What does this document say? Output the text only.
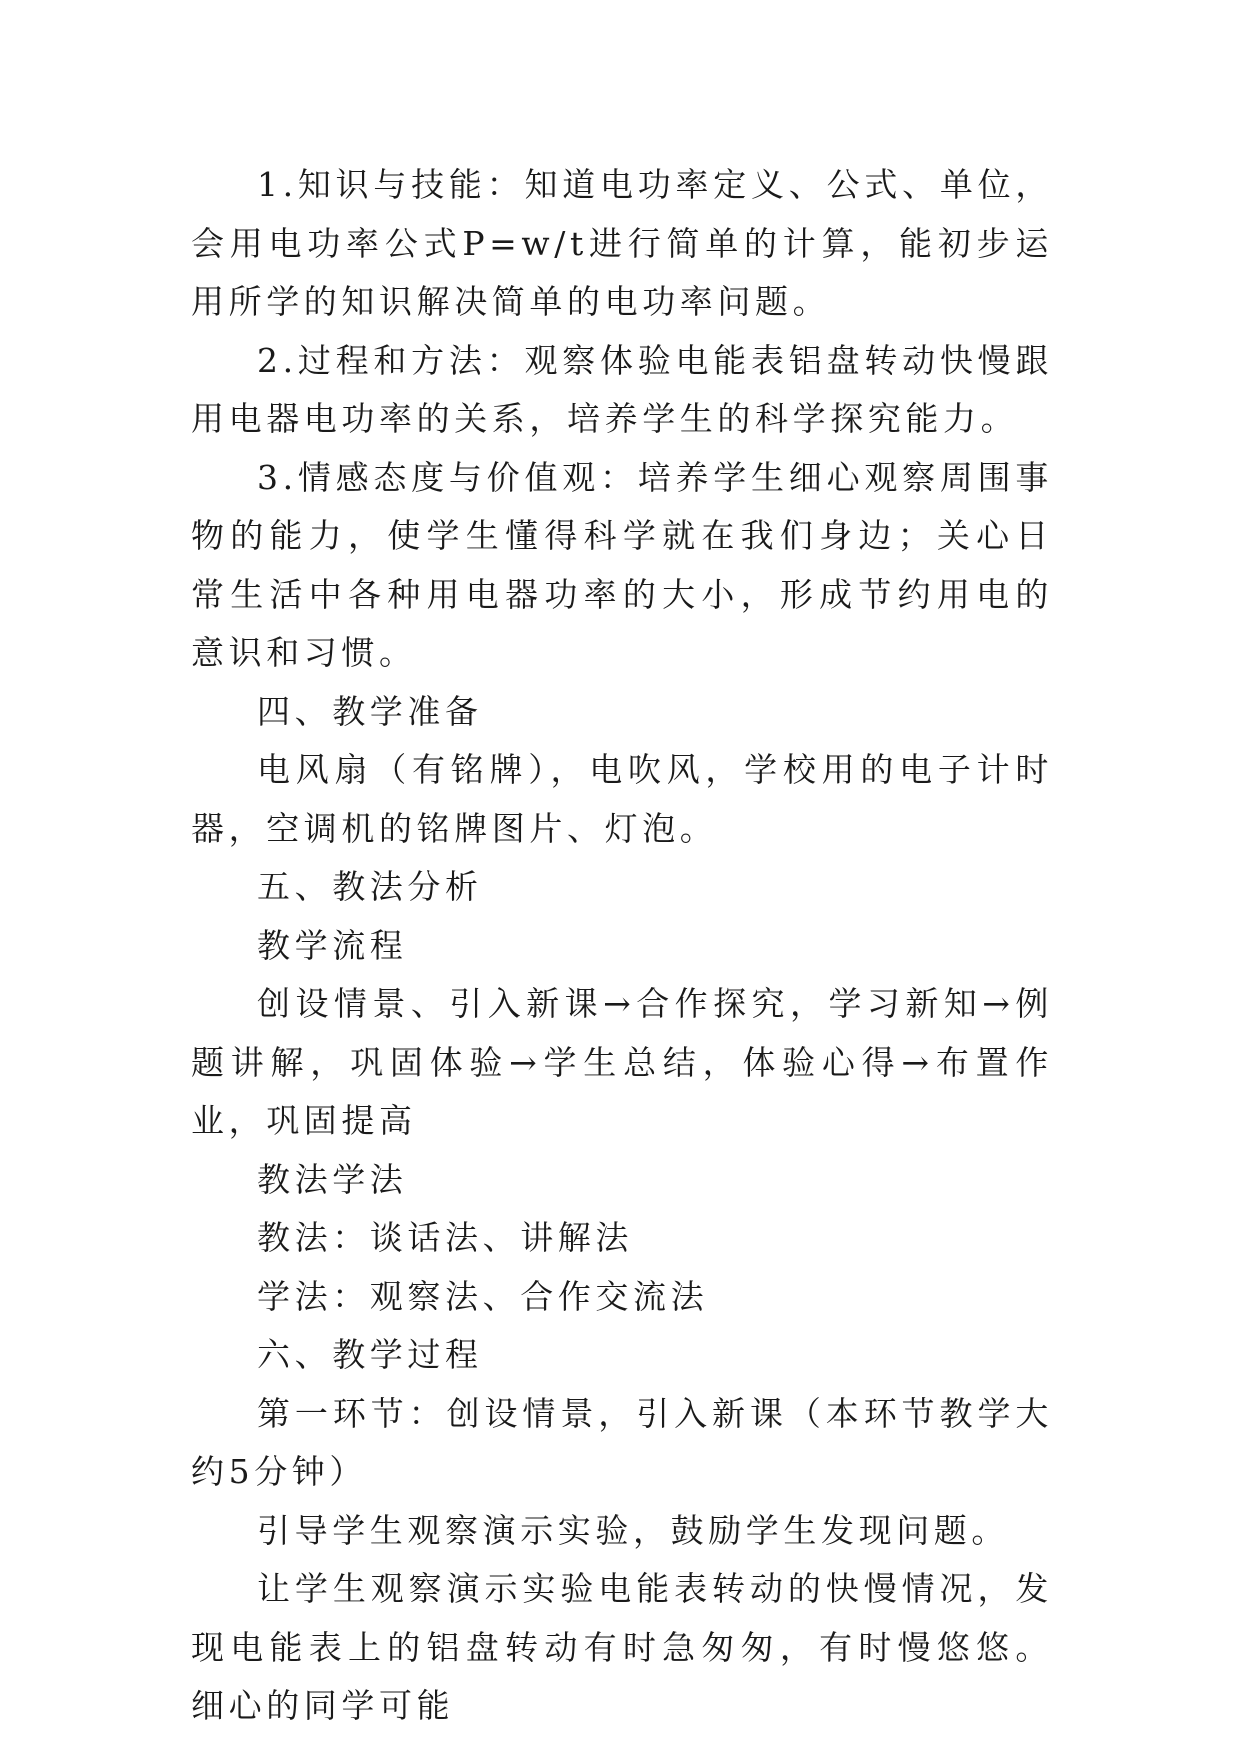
1.知识与技能：知道电功率定义、公式、单位，会用电功率公式P=w/t进行简单的计算，能初步运用所学的知识解决简单的电功率问题。

2.过程和方法：观察体验电能表铝盘转动快慢跟用电器电功率的关系，培养学生的科学探究能力。

3.情感态度与价值观：培养学生细心观察周围事物的能力，使学生懂得科学就在我们身边；关心日常生活中各种用电器功率的大小，形成节约用电的意识和习惯。

四、教学准备

电风扇（有铭牌），电吹风，学校用的电子计时器，空调机的铭牌图片、灯泡。

五、教法分析

教学流程

创设情景、引入新课→合作探究，学习新知→例题讲解，巩固体验→学生总结，体验心得→布置作业，巩固提高

教法学法

教法：谈话法、讲解法

学法：观察法、合作交流法

六、教学过程

第一环节：创设情景，引入新课（本环节教学大约5分钟）

引导学生观察演示实验，鼓励学生发现问题。

让学生观察演示实验电能表转动的快慢情况，发现电能表上的铝盘转动有时急匆匆，有时慢悠悠。细心的同学可能
